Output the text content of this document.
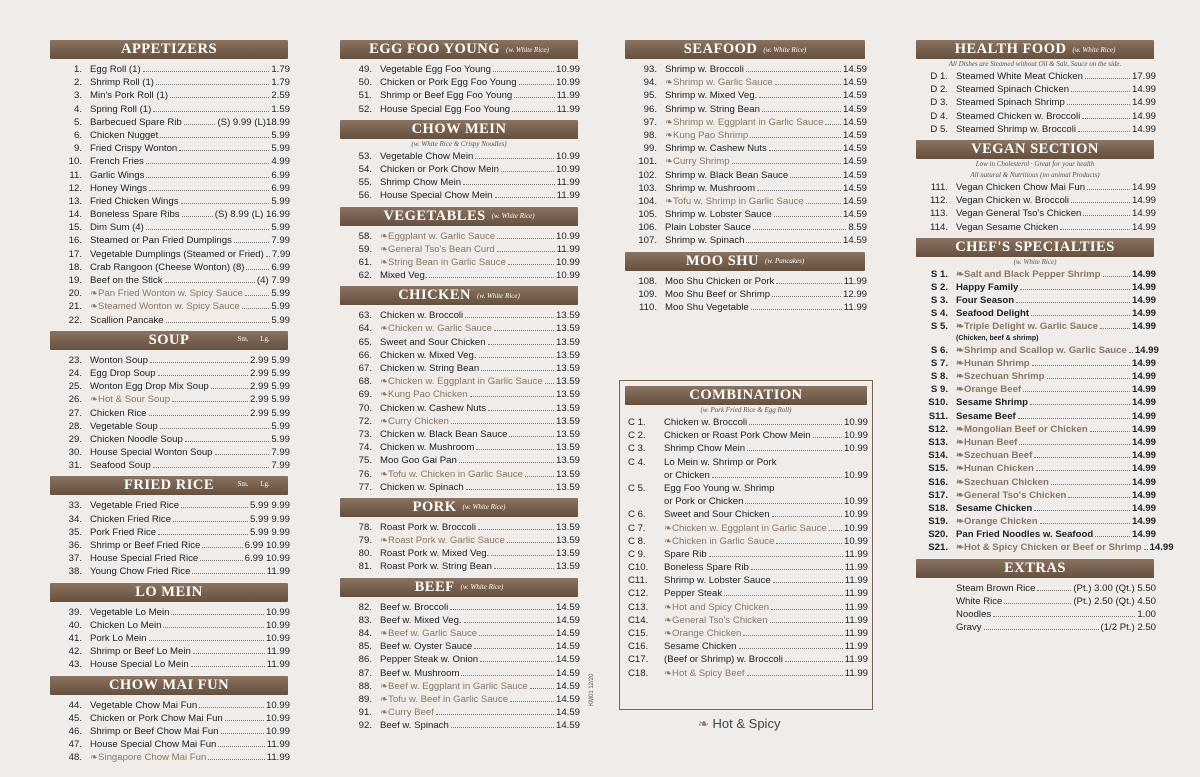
APPETIZERS
1. Egg Roll (1)	1.79
2. Shrimp Roll (1)	1.79
3. Min's Pork Roll (1)	2.59
4. Spring Roll (1)	1.59
5. Barbecued Spare Rib	(S) 9.99 (L)18.99
6. Chicken Nugget	5.99
9. Fried Crispy Wonton	5.99
10. French Fries	4.99
11. Garlic Wings	6.99
12. Honey Wings	6.99
13. Fried Chicken Wings	5.99
14. Boneless Spare Ribs	(S) 8.99 (L) 16.99
15. Dim Sum (4)	5.99
16. Steamed or Pan Fried Dumplings	7.99
17. Vegetable Dumplings (Steamed or Fried) 7.99
18. Crab Rangoon (Cheese Wonton) (8)	6.99
19. Beef on the Stick	(4) 7.99
20. ❧Pan Fried Wonton w. Spicy Sauce	5.99
21. ❧Steamed Wonton w. Spicy Sauce	5.99
22. Scallion Pancake	5.99
SOUP	Sm. Lg.
23. Wonton Soup	2.99 5.99
24. Egg Drop Soup	2.99 5.99
25. Wonton Egg Drop Mix Soup	2.99 5.99
26. ❧Hot & Sour Soup	2.99 5.99
27. Chicken Rice	2.99 5.99
28. Vegetable Soup	5.99
29. Chicken Noodle Soup	5.99
30. House Special Wonton Soup	7.99
31. Seafood Soup	7.99
FRIED RICE	Sm. Lg.
33. Vegetable Fried Rice	5.99 9.99
34. Chicken Fried Rice	5.99 9.99
35. Pork Fried Rice	5.99 9.99
36. Shrimp or Beef Fried Rice	6.99 10.99
37. House Special Fried Rice	6.99 10.99
38. Young Chow Fried Rice	11.99
LO MEIN
39. Vegetable Lo Mein	10.99
40. Chicken Lo Mein	10.99
41. Pork Lo Mein	10.99
42. Shrimp or Beef Lo Mein	11.99
43. House Special Lo Mein	11.99
CHOW MAI FUN
44. Vegetable Chow Mai Fun	10.99
45. Chicken or Pork Chow Mai Fun	10.99
46. Shrimp or Beef Chow Mai Fun	10.99
47. House Special Chow Mai Fun	11.99
48. ❧Singapore Chow Mai Fun	11.99
EGG FOO YOUNG (w. White Rice)
49. Vegetable Egg Foo Young	10.99
50. Chicken or Pork Egg Foo Young	10.99
51. Shrimp or Beef Egg Foo Young	11.99
52. House Special Egg Foo Young	11.99
CHOW MEIN
(w. White Rice & Crispy Noodles)
53. Vegetable Chow Mein	10.99
54. Chicken or Pork Chow Mein	10.99
55. Shrimp Chow Mein	11.99
56. House Special Chow Mein	11.99
VEGETABLES (w. White Rice)
58. ❧Eggplant w. Garlic Sauce	10.99
59. ❧General Tso's Bean Curd	11.99
61. ❧String Bean in Garlic Sauce	10.99
62. Mixed Veg.	10.99
CHICKEN (w. White Rice)
63. Chicken w. Broccoli	13.59
64. ❧Chicken w. Garlic Sauce	13.59
65. Sweet and Sour Chicken	13.59
66. Chicken w. Mixed Veg.	13.59
67. Chicken w. String Bean	13.59
68. ❧Chicken w. Eggplant in Garlic Sauce 13.59
69. ❧Kung Pao Chicken	13.59
70. Chicken w. Cashew Nuts	13.59
72. ❧Curry Chicken	13.59
73. Chicken w. Black Bean Sauce	13.59
74. Chicken w. Mushroom	13.59
75. Moo Goo Gai Pan	13.59
76. ❧Tofu w. Chicken in Garlic Sauce	13.59
77. Chicken w. Spinach	13.59
PORK (w. White Rice)
78. Roast Pork w. Broccoli	13.59
79. ❧Roast Pork w. Garlic Sauce	13.59
80. Roast Pork w. Mixed Veg.	13.59
81. Roast Pork w. String Bean	13.59
BEEF (w. White Rice)
82. Beef w. Broccoli	14.59
83. Beef w. Mixed Veg.	14.59
84. ❧Beef w. Garlic Sauce	14.59
85. Beef w. Oyster Sauce	14.59
86. Pepper Steak w. Onion	14.59
87. Beef w. Mushroom	14.59
88. ❧Beef w. Eggplant in Garlic Sauce	14.59
89. ❧Tofu w. Beef in Garlic Sauce	14.59
91. ❧Curry Beef	14.59
92. Beef w. Spinach	14.59
SEAFOOD (w. White Rice)
93. Shrimp w. Broccoli	14.59
94. ❧Shrimp w. Garlic Sauce	14.59
95. Shrimp w. Mixed Veg.	14.59
96. Shrimp w. String Bean	14.59
97. ❧Shrimp w. Eggplant in Garlic Sauce 14.59
98. ❧Kung Pao Shrimp	14.59
99. Shrimp w. Cashew Nuts	14.59
101. ❧Curry Shrimp	14.59
102. Shrimp w. Black Bean Sauce	14.59
103. Shrimp w. Mushroom	14.59
104. ❧Tofu w. Shrimp in Garlic Sauce	14.59
105. Shrimp w. Lobster Sauce	14.59
106. Plain Lobster Sauce	8.59
107. Shrimp w. Spinach	14.59
MOO SHU (w. Pancakes)
108. Moo Shu Chicken or Pork	11.99
109. Moo Shu Beef or Shrimp	12.99
110. Moo Shu Vegetable	11.99
HEALTH FOOD (w. White Rice)
All Dishes are Steamed without Oil & Salt, Sauce on the side.
D 1. Steamed White Meat Chicken	17.99
D 2. Steamed Spinach Chicken	14.99
D 3. Steamed Spinach Shrimp	14.99
D 4. Steamed Chicken w. Broccoli	14.99
D 5. Steamed Shrimp w. Broccoli	14.99
VEGAN SECTION
Low in Cholesterol · Great for your health
All natural & Nutritious (no animal Products)
111. Vegan Chicken Chow Mai Fun	14.99
112. Vegan Chicken w. Broccoli	14.99
113. Vegan General Tso's Chicken	14.99
114. Vegan Sesame Chicken	14.99
CHEF'S SPECIALTIES
(w. White Rice)
S 1. ❧Salt and Black Pepper Shrimp	14.99
S 2. Happy Family	14.99
S 3. Four Season	14.99
S 4. Seafood Delight	14.99
S 5. ❧Triple Delight w. Garlic Sauce	14.99
(Chicken, beef & shrimp)
S 6. ❧Shrimp and Scallop w. Garlic Sauce 14.99
S 7. ❧Hunan Shrimp	14.99
S 8. ❧Szechuan Shrimp	14.99
S 9. ❧Orange Beef	14.99
S10. Sesame Shrimp	14.99
S11. Sesame Beef	14.99
S12. ❧Mongolian Beef or Chicken	14.99
S13. ❧Hunan Beef	14.99
S14. ❧Szechuan Beef	14.99
S15. ❧Hunan Chicken	14.99
S16. ❧Szechuan Chicken	14.99
S17. ❧General Tso's Chicken	14.99
S18. Sesame Chicken	14.99
S19. ❧Orange Chicken	14.99
S20. Pan Fried Noodles w. Seafood	14.99
S21. ❧Hot & Spicy Chicken or Beef or Shrimp 14.99
EXTRAS
Steam Brown Rice	(Pt.) 3.00 (Qt.) 5.50
White Rice	(Pt.) 2.50 (Qt.) 4.50
Noodles	1.00
Gravy	(1/2 Pt.) 2.50
COMBINATION
(w. Pork Fried Rice & Egg Roll)
C 1.	Chicken w. Broccoli	10.99
C 2.	Chicken or Roast Pork Chow Mein	10.99
C 3.	Shrimp Chow Mein	10.99
C 4.	Lo Mein w. Shrimp or Pork
or Chicken	10.99
C 5.	Egg Foo Young w. Shrimp
or Pork or Chicken	10.99
C 6.	Sweet and Sour Chicken	10.99
C 7.	❧Chicken w. Eggplant in Garlic Sauce 10.99
C 8.	❧Chicken in Garlic Sauce	10.99
C 9.	Spare Rib	11.99
C10.	Boneless Spare Rib	11.99
C11.	Shrimp w. Lobster Sauce	11.99
C12.	Pepper Steak	11.99
C13.	❧Hot and Spicy Chicken	11.99
C14.	❧General Tso's Chicken	11.99
C15.	❧Orange Chicken	11.99
C16.	Sesame Chicken	11.99
C17.	(Beef or Shrimp) w. Broccoli	11.99
C18.	❧Hot & Spicy Beef	11.99
❧ Hot & Spicy
KM01 12/20
